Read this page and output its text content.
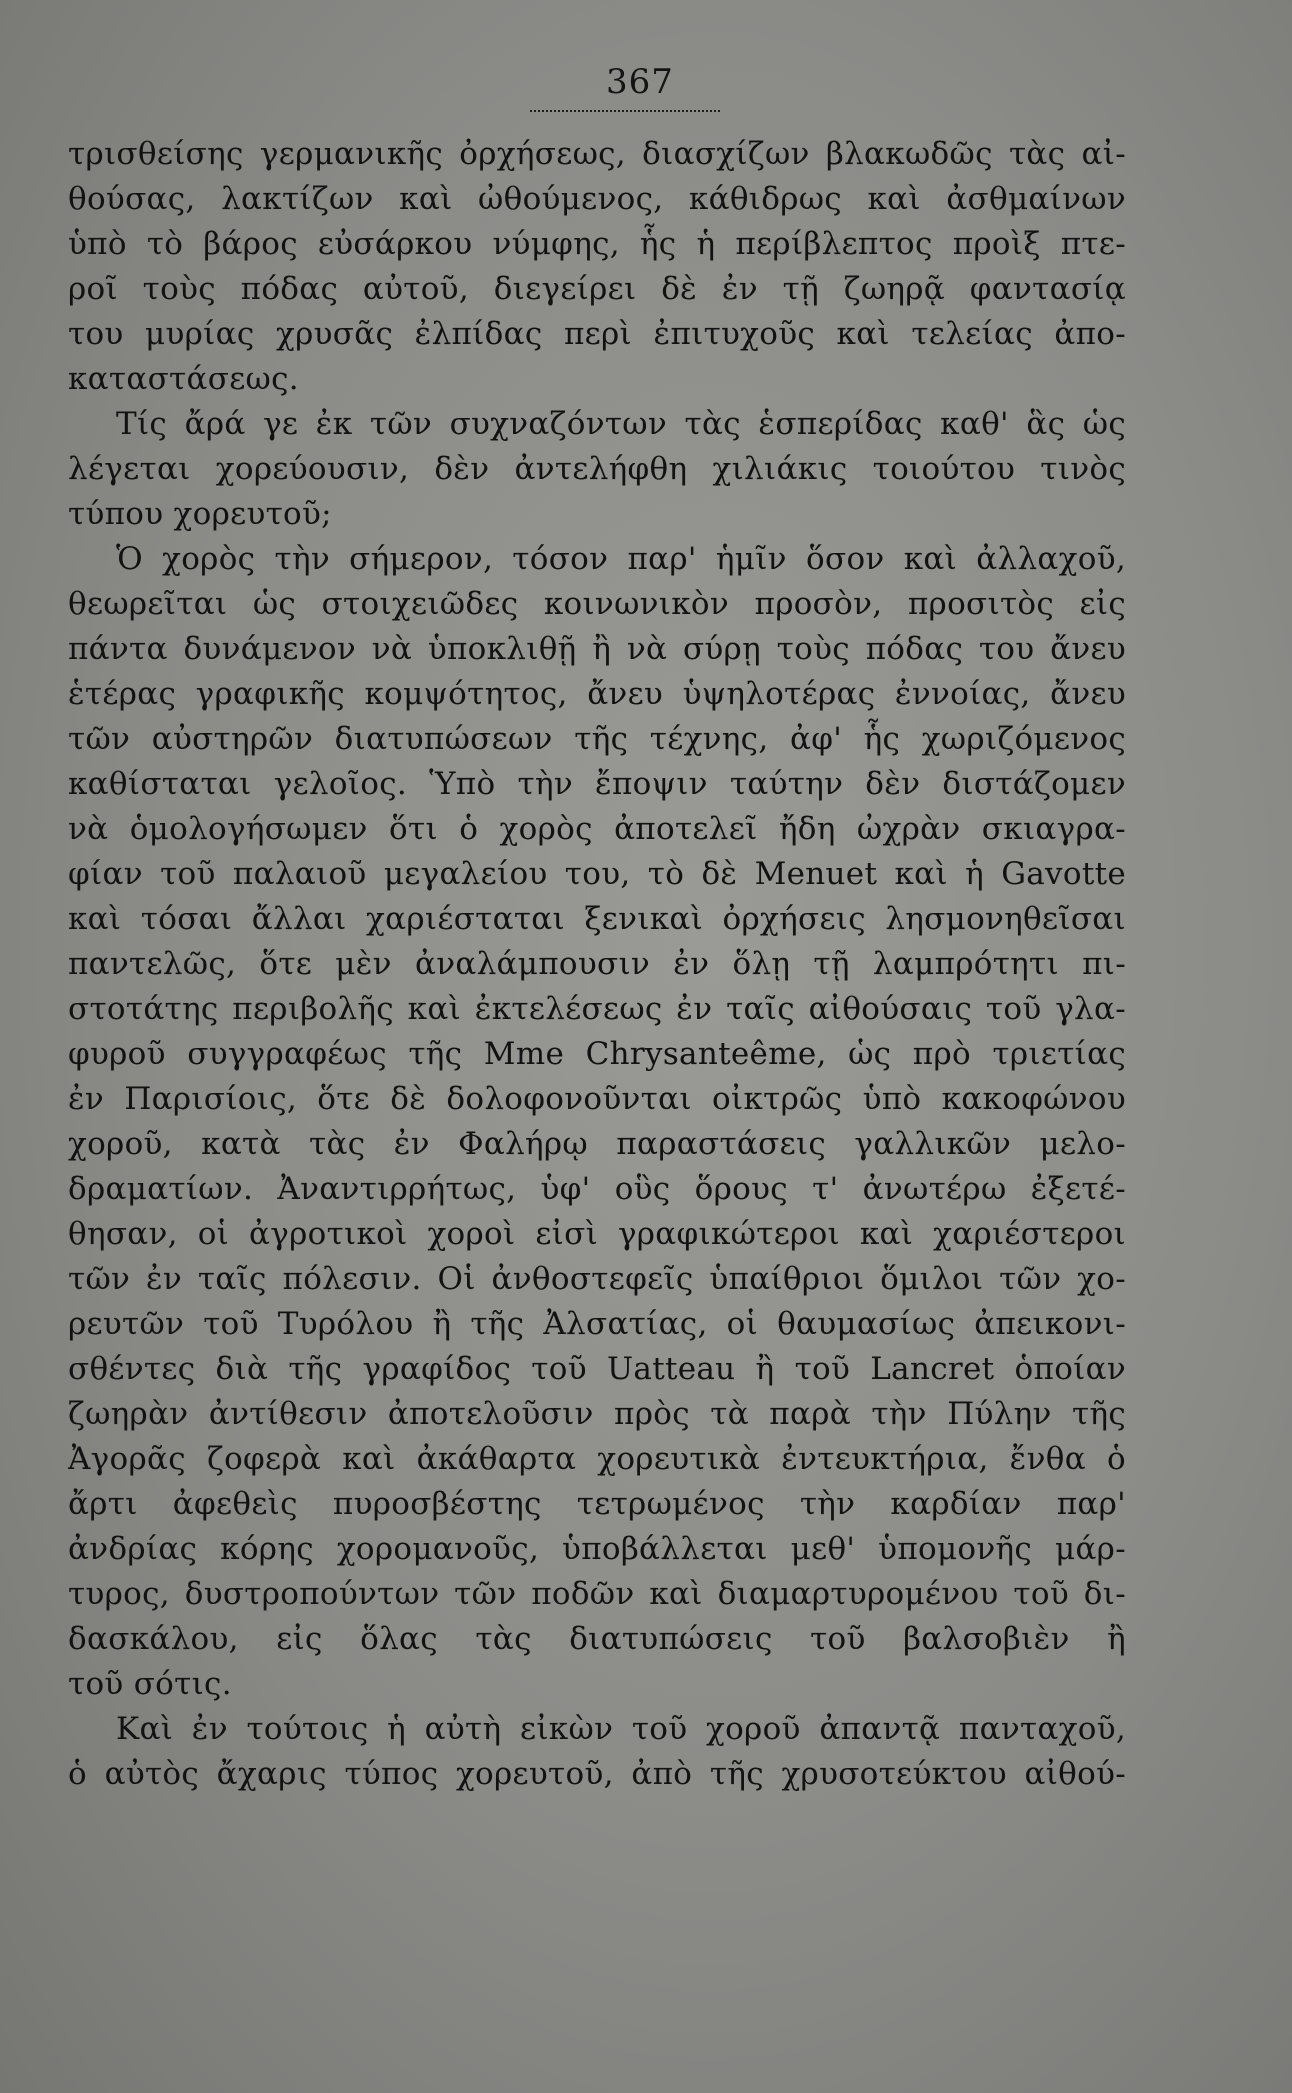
367
τρισθείσης γερμανικῆς ὀρχήσεως, διασχίζων βλακωδῶς τὰς αἰ-
θούσας, λακτίζων καὶ ὠθούμενος, κάθιδρως καὶ ἀσθμαίνων
ὑπὸ τὸ βάρος εὐσάρκου νύμφης, ἧς ἡ περίβλεπτος προὶξ πτε-
ροῖ τοὺς πόδας αὐτοῦ, διεγείρει δὲ ἐν τῇ ζωηρᾷ φαντασίᾳ
του μυρίας χρυσᾶς ἐλπίδας περὶ ἐπιτυχοῦς καὶ τελείας ἀπο-
καταστάσεως.
Τίς ἄρά γε ἐκ τῶν συχναζόντων τὰς ἑσπερίδας καθ' ἃς ὡς
λέγεται χορεύουσιν, δὲν ἀντελήφθη χιλιάκις τοιούτου τινὸς
τύπου χορευτοῦ;
Ὁ χορὸς τὴν σήμερον, τόσον παρ' ἡμῖν ὅσον καὶ ἀλλαχοῦ,
θεωρεῖται ὡς στοιχειῶδες κοινωνικὸν προσὸν, προσιτὸς εἰς
πάντα δυνάμενον νὰ ὑποκλιθῇ ἢ νὰ σύρῃ τοὺς πόδας του ἄνευ
ἑτέρας γραφικῆς κομψότητος, ἄνευ ὑψηλοτέρας ἐννοίας, ἄνευ
τῶν αὐστηρῶν διατυπώσεων τῆς τέχνης, ἀφ' ἧς χωριζόμενος
καθίσταται γελοῖος. Ὑπὸ τὴν ἔποψιν ταύτην δὲν διστάζομεν
νὰ ὁμολογήσωμεν ὅτι ὁ χορὸς ἀποτελεῖ ἤδη ὠχρὰν σκιαγρα-
φίαν τοῦ παλαιοῦ μεγαλείου του, τὸ δὲ Menuet καὶ ἡ Gavotte
καὶ τόσαι ἄλλαι χαριέσταται ξενικαὶ ὀρχήσεις λησμονηθεῖσαι
παντελῶς, ὅτε μὲν ἀναλάμπουσιν ἐν ὅλῃ τῇ λαμπρότητι πι-
στοτάτης περιβολῆς καὶ ἐκτελέσεως ἐν ταῖς αἰθούσαις τοῦ γλα-
φυροῦ συγγραφέως τῆς Mme Chrysanteême, ὡς πρὸ τριετίας
ἐν Παρισίοις, ὅτε δὲ δολοφονοῦνται οἰκτρῶς ὑπὸ κακοφώνου
χοροῦ, κατὰ τὰς ἐν Φαλήρῳ παραστάσεις γαλλικῶν μελο-
δραματίων. Ἀναντιρρήτως, ὑφ' οὓς ὅρους τ' ἀνωτέρω ἐξετέ-
θησαν, οἱ ἀγροτικοὶ χοροὶ εἰσὶ γραφικώτεροι καὶ χαριέστεροι
τῶν ἐν ταῖς πόλεσιν. Οἱ ἀνθοστεφεῖς ὑπαίθριοι ὅμιλοι τῶν χο-
ρευτῶν τοῦ Τυρόλου ἢ τῆς Ἀλσατίας, οἱ θαυμασίως ἀπεικονι-
σθέντες διὰ τῆς γραφίδος τοῦ Uatteau ἢ τοῦ Lancret ὁποίαν
ζωηρὰν ἀντίθεσιν ἀποτελοῦσιν πρὸς τὰ παρὰ τὴν Πύλην τῆς
Ἀγορᾶς ζοφερὰ καὶ ἀκάθαρτα χορευτικὰ ἐντευκτήρια, ἔνθα ὁ
ἄρτι ἀφεθεὶς πυροσβέστης τετρωμένος τὴν καρδίαν παρ'
ἀνδρίας κόρης χορομανοῦς, ὑποβάλλεται μεθ' ὑπομονῆς μάρ-
τυρος, δυστροπούντων τῶν ποδῶν καὶ διαμαρτυρομένου τοῦ δι-
δασκάλου, εἰς ὅλας τὰς διατυπώσεις τοῦ βαλσοβιὲν ἢ
τοῦ σότις.
Καὶ ἐν τούτοις ἡ αὐτὴ εἰκὼν τοῦ χοροῦ ἀπαντᾷ πανταχοῦ,
ὁ αὐτὸς ἄχαρις τύπος χορευτοῦ, ἀπὸ τῆς χρυσοτεύκτου αἰθού-
